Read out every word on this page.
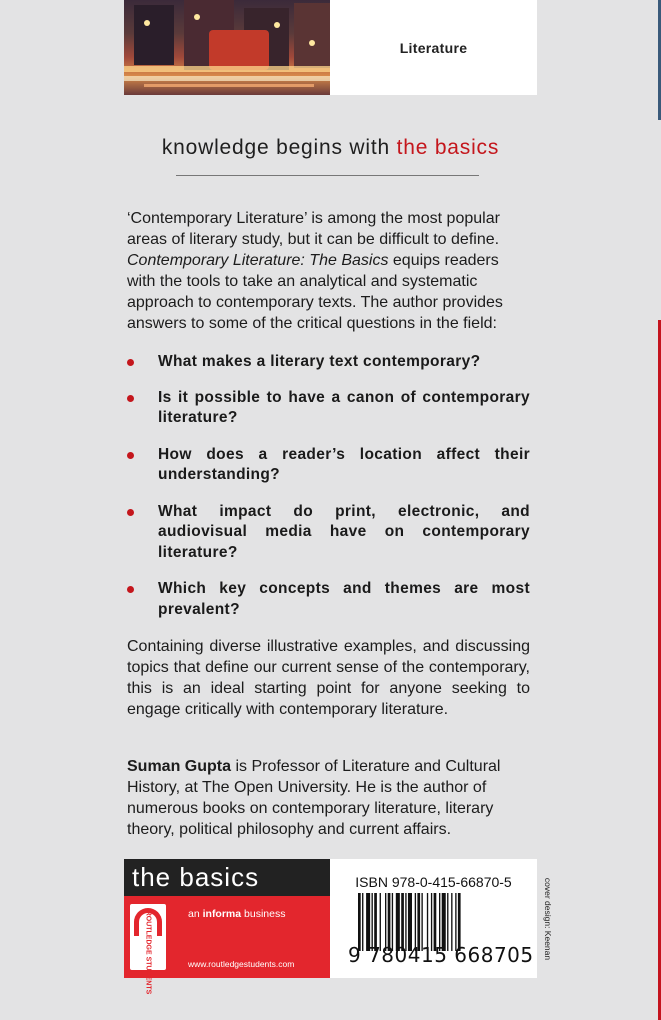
Literature
knowledge begins with the basics
‘Contemporary Literature’ is among the most popular areas of literary study, but it can be difficult to define. Contemporary Literature: The Basics equips readers with the tools to take an analytical and systematic approach to contemporary texts. The author provides answers to some of the critical questions in the field:
What makes a literary text contemporary?
Is it possible to have a canon of contemporary literature?
How does a reader’s location affect their understanding?
What impact do print, electronic, and audiovisual media have on contemporary literature?
Which key concepts and themes are most prevalent?
Containing diverse illustrative examples, and discussing topics that define our current sense of the contemporary, this is an ideal starting point for anyone seeking to engage critically with contemporary literature.
Suman Gupta is Professor of Literature and Cultural History, at The Open University. He is the author of numerous books on contemporary literature, literary theory, political philosophy and current affairs.
the basics
ROUTLEDGE STUDENTS	an informa business
www.routledgestudents.com
ISBN 978-0-415-66870-5
9 780415 668705 cover design: Keenan
